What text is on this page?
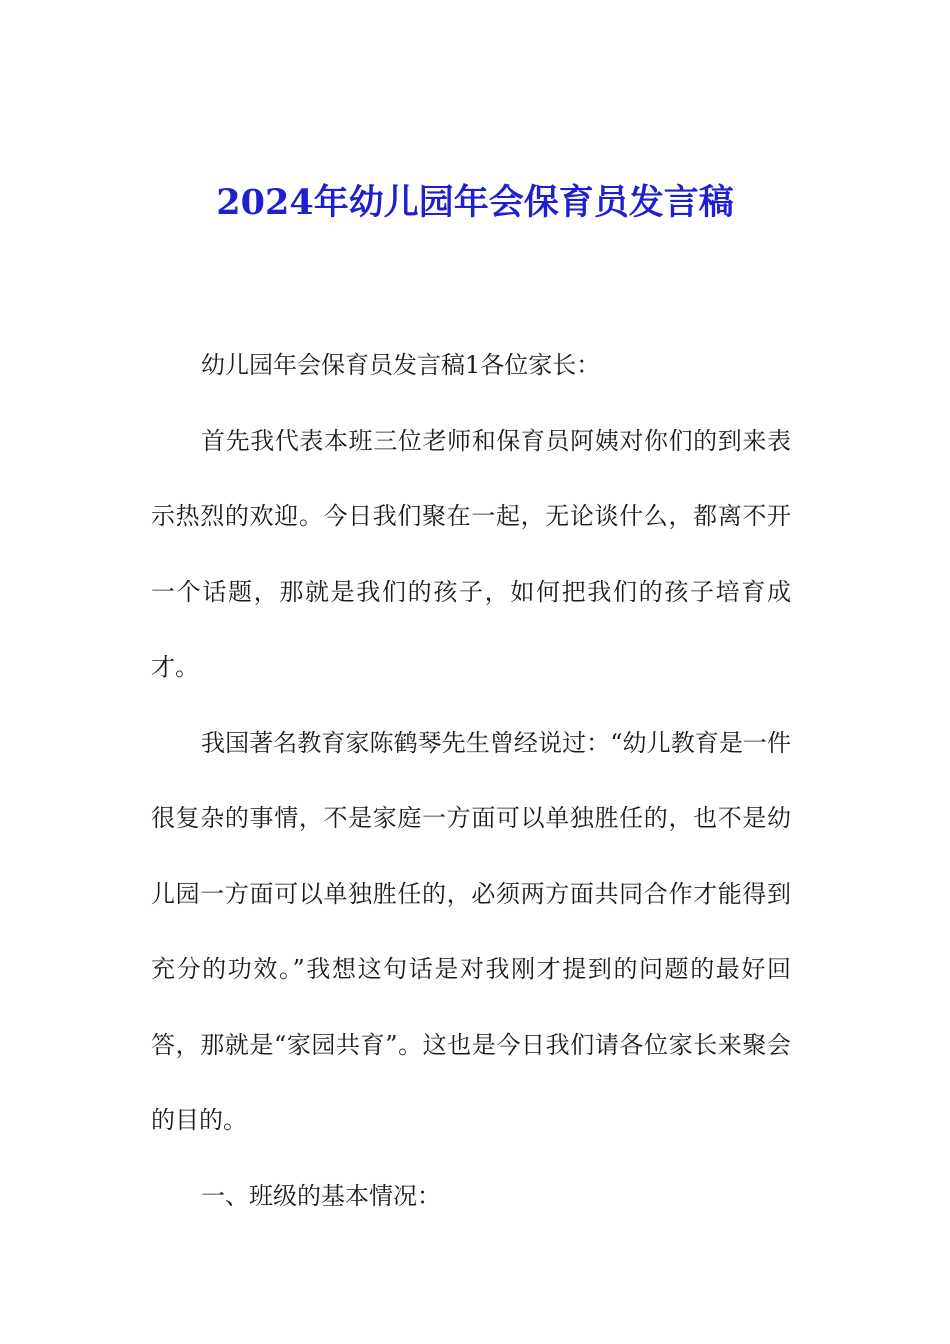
2024年幼儿园年会保育员发言稿

幼儿园年会保育员发言稿1各位家长：

首先我代表本班三位老师和保育员阿姨对你们的到来表示热烈的欢迎。今日我们聚在一起，无论谈什么，都离不开一个话题，那就是我们的孩子，如何把我们的孩子培育成才。

我国著名教育家陈鹤琴先生曾经说过：“幼儿教育是一件很复杂的事情，不是家庭一方面可以单独胜任的，也不是幼儿园一方面可以单独胜任的，必须两方面共同合作才能得到充分的功效。”我想这句话是对我刚才提到的问题的最好回答，那就是“家园共育”。这也是今日我们请各位家长来聚会的目的。

一、班级的基本情况：
